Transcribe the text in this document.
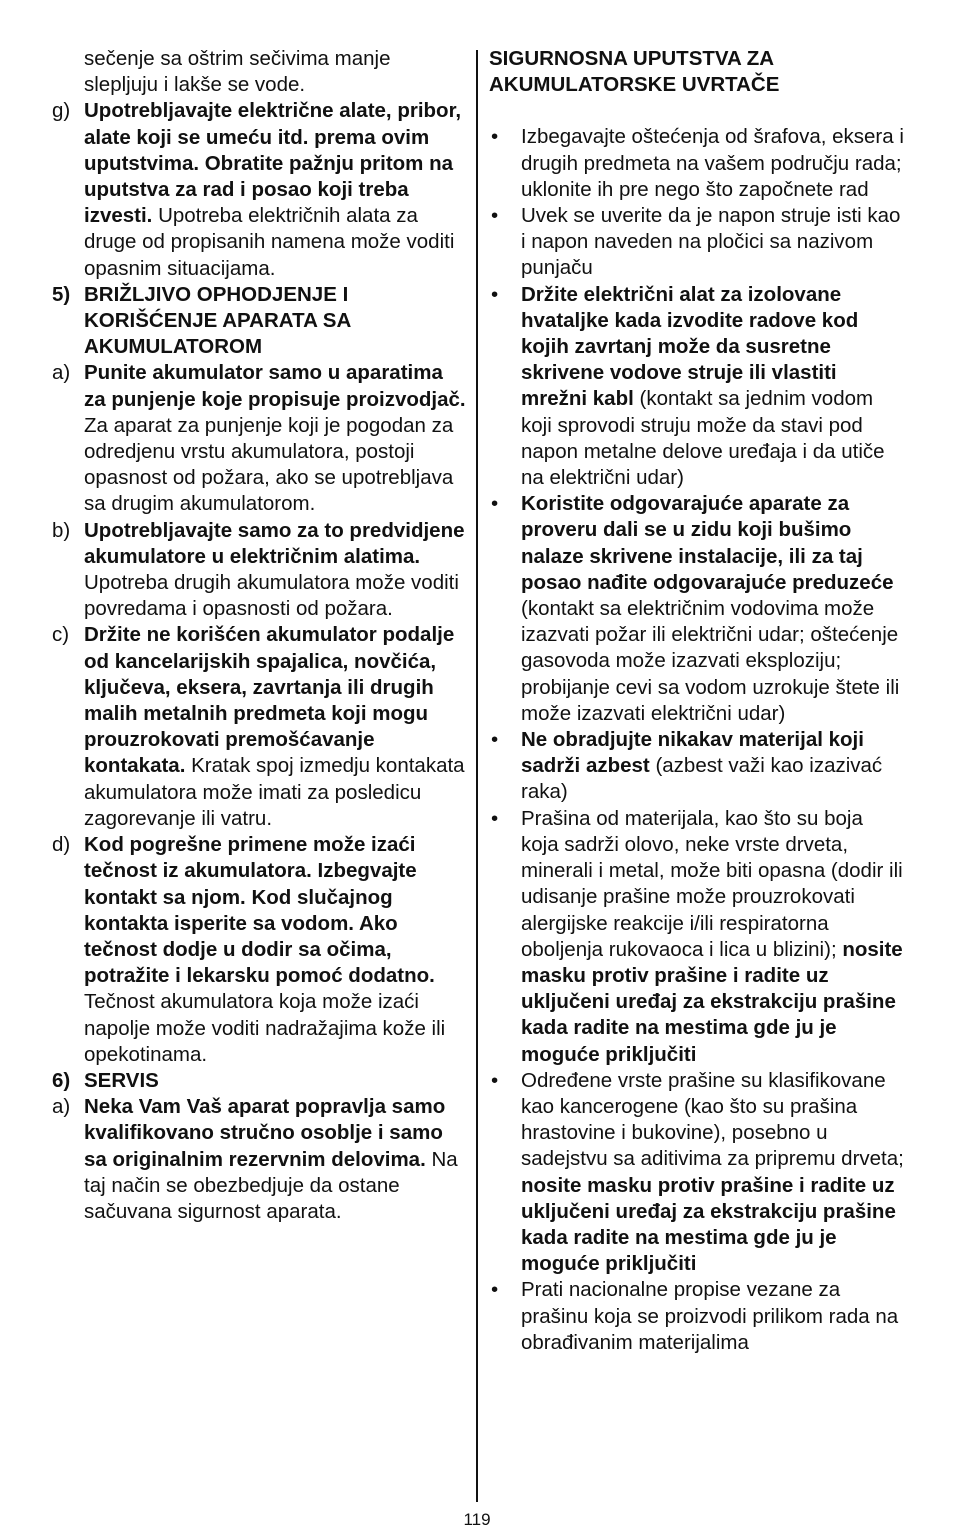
sečenje sa oštrim sečivima manje slepljuju i lakše se vode.
g) Upotrebljavajte električne alate, pribor, alate koji se umeću itd. prema ovim uputstvima. Obratite pažnju pritom na uputstva za rad i posao koji treba izvesti. Upotreba električnih alata za druge od propisanih namena može voditi opasnim situacijama.
5) BRIŽLJIVO OPHODJENJE I KORIŠĆENJE APARATA SA AKUMULATOROM
a) Punite akumulator samo u aparatima za punjenje koje propisuje proizvodjač. Za aparat za punjenje koji je pogodan za odredjenu vrstu akumulatora, postoji opasnost od požara, ako se upotrebljava sa drugim akumulatorom.
b) Upotrebljavajte samo za to predvidjene akumulatore u električnim alatima. Upotreba drugih akumulatora može voditi povredama i opasnosti od požara.
c) Držite ne korišćen akumulator podalje od kancelarijskih spajalica, novčića, ključeva, eksera, zavrtanja ili drugih malih metalnih predmeta koji mogu prouzrokovati premošćavanje kontakata. Kratak spoj izmedju kontakata akumulatora može imati za posledicu zagorevanje ili vatru.
d) Kod pogrešne primene može izaći tečnost iz akumulatora. Izbegvajte kontakt sa njom. Kod slučajnog kontakta isperite sa vodom. Ako tečnost dodje u dodir sa očima, potražite i lekarsku pomoć dodatno. Tečnost akumulatora koja može izaći napolje može voditi nadražajima kože ili opekotinama.
6) SERVIS
a) Neka Vam Vaš aparat popravlja samo kvalifikovano stručno osoblje i samo sa originalnim rezervnim delovima. Na taj način se obezbedjuje da ostane sačuvana sigurnost aparata.
SIGURNOSNA UPUTSTVA ZA AKUMULATORSKE UVRTAČE
• Izbegavajte oštećenja od šrafova, eksera i drugih predmeta na vašem području rada; uklonite ih pre nego što započnete rad
• Uvek se uverite da je napon struje isti kao i napon naveden na pločici sa nazivom punjaču
• Držite električni alat za izolovane hvataljke kada izvodite radove kod kojih zavrtanj može da susretne skrivene vodove struje ili vlastiti mrežni kabl (kontakt sa jednim vodom koji sprovodi struju može da stavi pod napon metalne delove uređaja i da utiče na električni udar)
• Koristite odgovarajuće aparate za proveru dali se u zidu koji bušimo nalaze skrivene instalacije, ili za taj posao nađite odgovarajuće preduzeće (kontakt sa električnim vodovima može izazvati požar ili električni udar; oštećenje gasovoda može izazvati eksploziju; probijanje cevi sa vodom uzrokuje štete ili može izazvati električni udar)
• Ne obradjujte nikakav materijal koji sadrži azbest (azbest važi kao izazivać raka)
• Prašina od materijala, kao što su boja koja sadrži olovo, neke vrste drveta, minerali i metal, može biti opasna (dodir ili udisanje prašine može prouzrokovati alergijske reakcije i/ili respiratorna oboljenja rukovaoca i lica u blizini); nosite masku protiv prašine i radite uz uključeni uređaj za ekstrakciju prašine kada radite na mestima gde ju je moguće priključiti
• Određene vrste prašine su klasifikovane kao kancerogene (kao što su prašina hrastovine i bukovine), posebno u sadejstvu sa aditivima za pripremu drveta; nosite masku protiv prašine i radite uz uključeni uređaj za ekstrakciju prašine kada radite na mestima gde ju je moguće priključiti
• Prati nacionalne propise vezane za prašinu koja se proizvodi prilikom rada na obrađivanim materijalima
119
